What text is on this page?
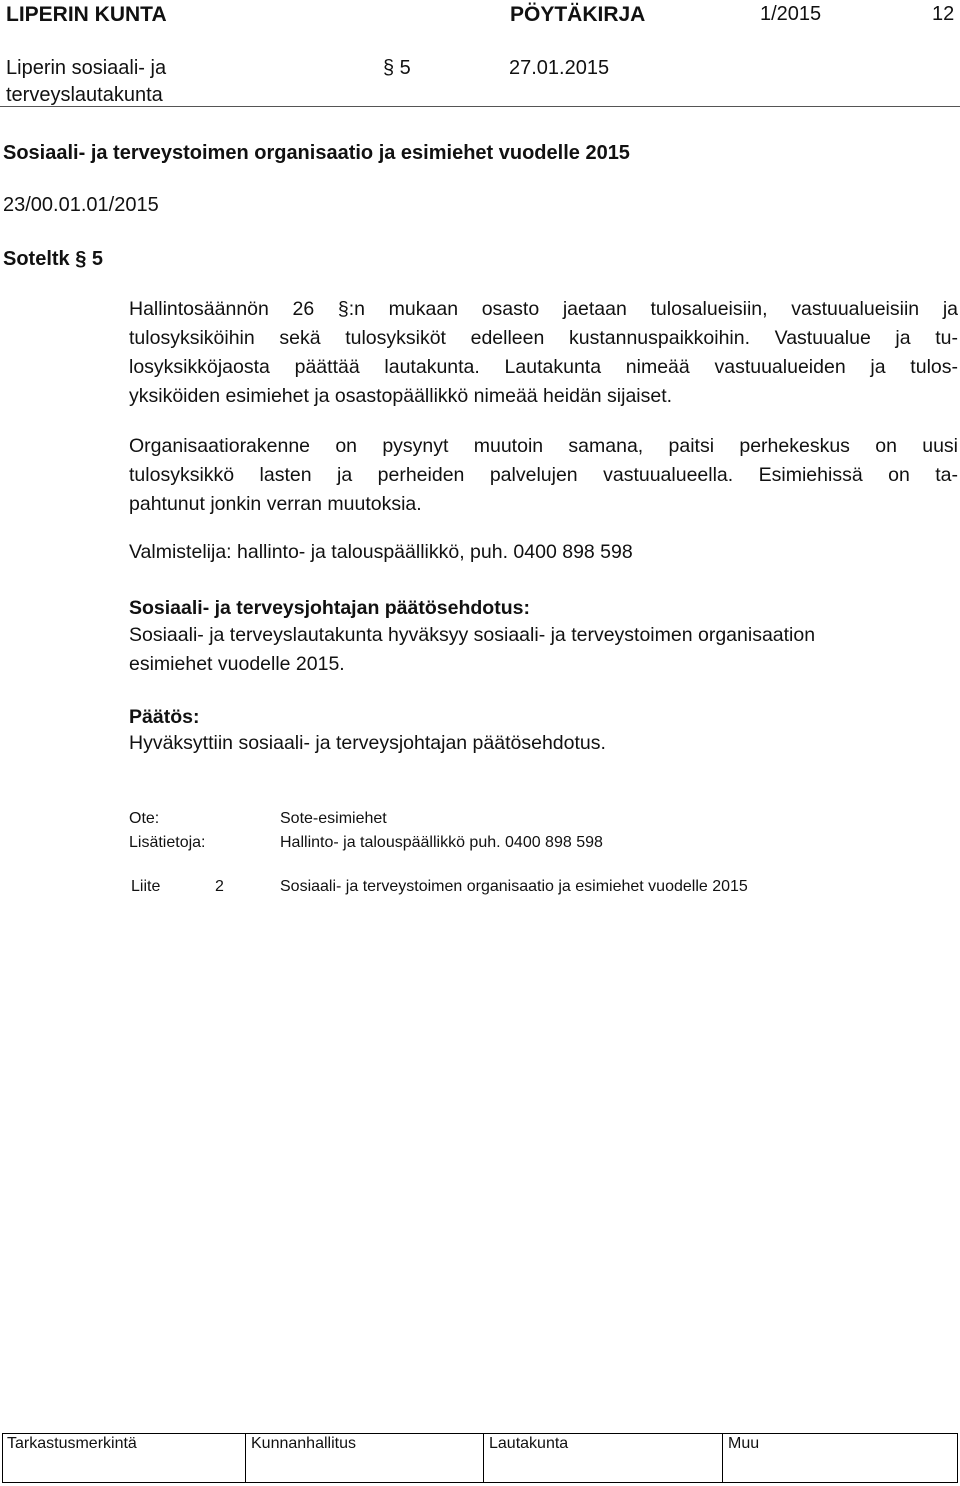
LIPERIN KUNTA	PÖYTÄKIRJA	1/2015	12
Liperin sosiaali- ja
terveyslautakunta
§ 5	27.01.2015
Sosiaali- ja terveystoimen organisaatio ja esimiehet vuodelle 2015
23/00.01.01/2015
Soteltk § 5
Hallintosäännön 26 §:n mukaan osasto jaetaan tulosalueisiin, vastuualueisiin ja
tulosyksiköihin sekä tulosyksiköt edelleen kustannuspaikkoihin. Vastuualue ja tu-
losyksikköjaosta päättää lautakunta. Lautakunta nimeää vastuualueiden ja tulos-
yksiköiden esimiehet ja osastopäällikkö nimeää heidän sijaiset.
Organisaatiorakenne on pysynyt muutoin samana, paitsi perhekeskus on uusi
tulosyksikkö lasten ja perheiden palvelujen vastuualueella. Esimiehissä on ta-
pahtunut jonkin verran muutoksia.
Valmistelija: hallinto- ja talouspäällikkö, puh. 0400 898 598
Sosiaali- ja terveysjohtajan päätösehdotus:
Sosiaali- ja terveyslautakunta hyväksyy sosiaali- ja terveystoimen organisaation
esimiehet vuodelle 2015.
Päätös:
Hyväksyttiin sosiaali- ja terveysjohtajan päätösehdotus.
Ote:	Sote-esimiehet
Lisätietoja:	Hallinto- ja talouspäällikkö puh. 0400 898 598
Liite	2	Sosiaali- ja terveystoimen organisaatio ja esimiehet vuodelle 2015
Tarkastusmerkintä	Kunnanhallitus	Lautakunta	Muu
